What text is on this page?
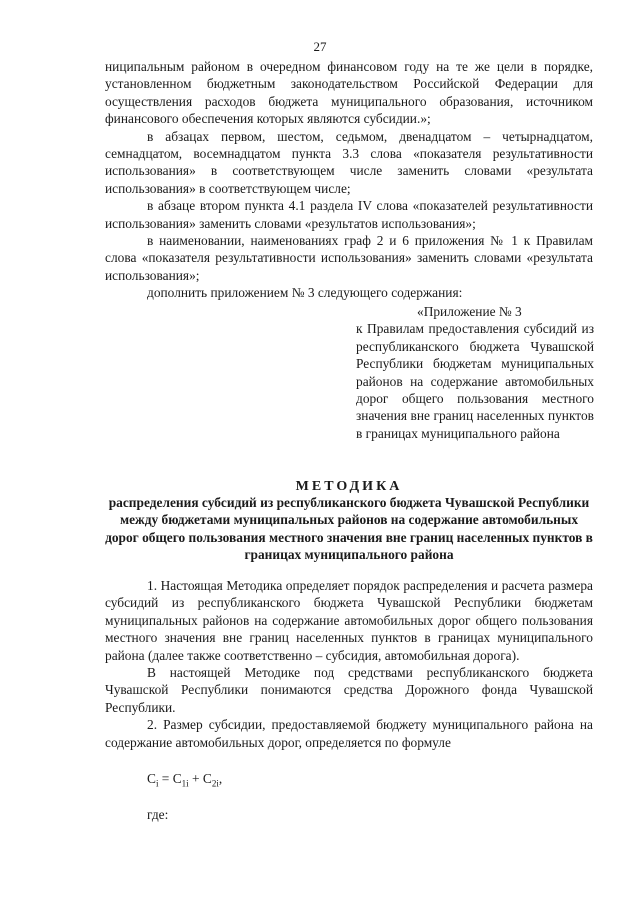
27

ниципальным районом в очередном финансовом году на те же цели в порядке, установленном бюджетным законодательством Российской Федерации для осуществления расходов бюджета муниципального образования, источником финансового обеспечения которых являются субсидии.»;

в абзацах первом, шестом, седьмом, двенадцатом – четырнадцатом, семнадцатом, восемнадцатом пункта 3.3 слова «показателя результативности использования» в соответствующем числе заменить словами «результата использования» в соответствующем числе;

в абзаце втором пункта 4.1 раздела IV слова «показателей результативности использования» заменить словами «результатов использования»;

в наименовании, наименованиях граф 2 и 6 приложения № 1 к Правилам слова «показателя результативности использования» заменить словами «результата использования»;

дополнить приложением № 3 следующего содержания:

«Приложение № 3

к Правилам предоставления субсидий из республиканского бюджета Чувашской Республики бюджетам муниципальных районов на содержание автомобильных дорог общего пользования местного значения вне границ населенных пунктов в границах муниципального района

МЕТОДИКА

распределения субсидий из республиканского бюджета Чувашской Республики между бюджетами муниципальных районов на содержание автомобильных дорог общего пользования местного значения вне границ населенных пунктов в границах муниципального района

1. Настоящая Методика определяет порядок распределения и расчета размера субсидий из республиканского бюджета Чувашской Республики бюджетам муниципальных районов на содержание автомобильных дорог общего пользования местного значения вне границ населенных пунктов в границах муниципального района (далее также соответственно – субсидия, автомобильная дорога).

В настоящей Методике под средствами республиканского бюджета Чувашской Республики понимаются средства Дорожного фонда Чувашской Республики.

2. Размер субсидии, предоставляемой бюджету муниципального района на содержание автомобильных дорог, определяется по формуле

$C_i = C_{1i} + C_{2i}$,
где:
